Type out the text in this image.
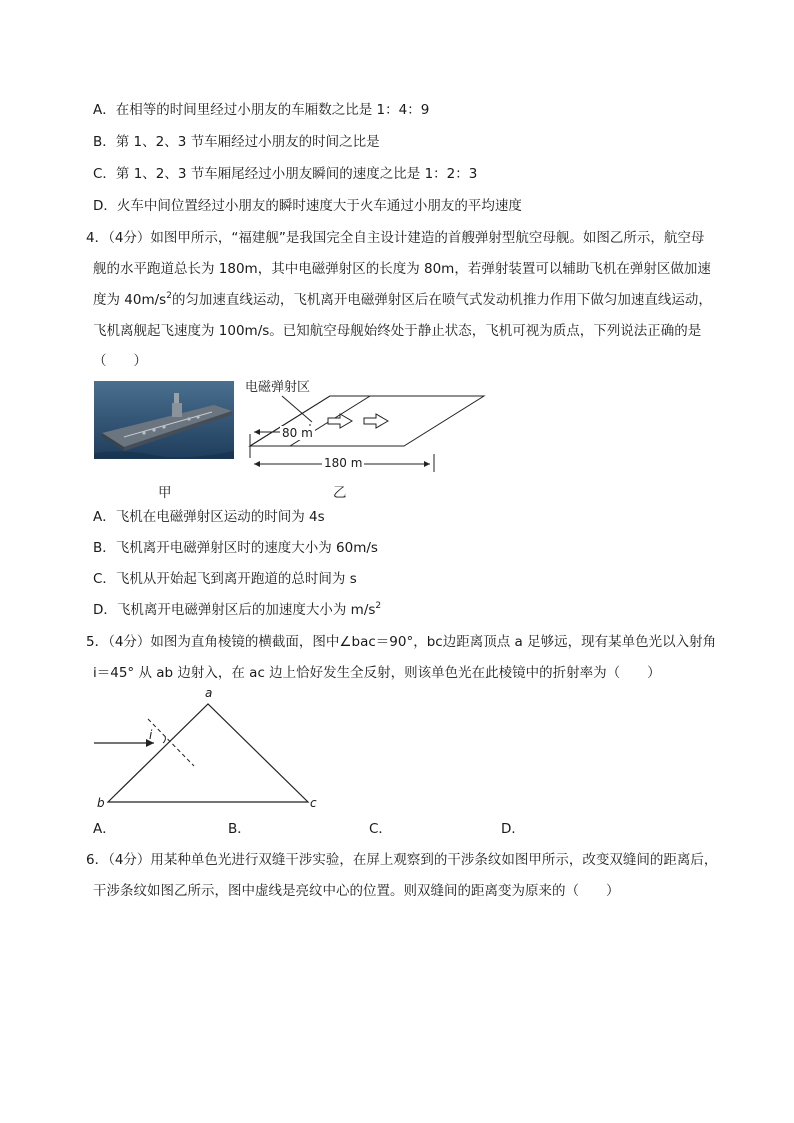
A．在相等的时间里经过小朋友的车厢数之比是 1：4：9
B．第 1、2、3 节车厢经过小朋友的时间之比是
C．第 1、2、3 节车厢尾经过小朋友瞬间的速度之比是 1：2：3
D．火车中间位置经过小朋友的瞬时速度大于火车通过小朋友的平均速度
4．（4分）如图甲所示，“福建舰”是我国完全自主设计建造的首艘弹射型航空母舰。如图乙所示，航空母
舰的水平跑道总长为 180m，其中电磁弹射区的长度为 80m，若弹射装置可以辅助飞机在弹射区做加速
度为 $40m/s^2$的匀加速直线运动，飞机离开电磁弹射区后在喷气式发动机推力作用下做匀加速直线运动，
飞机离舰起飞速度为 100m/s。已知航空母舰始终处于静止状态，飞机可视为质点，下列说法正确的是
（　　）
电磁弹射区
80 m
180 m
甲	乙
A．飞机在电磁弹射区运动的时间为 4s
B．飞机离开电磁弹射区时的速度大小为 60m/s
C．飞机从开始起飞到离开跑道的总时间为 s
D．飞机离开电磁弹射区后的加速度大小为 $m/s^2$
5．（4分）如图为直角棱镜的横截面，图中∠bac＝90°，bc边距离顶点 a 足够远，现有某单色光以入射角
i＝45° 从 ab 边射入，在 ac 边上恰好发生全反射，则该单色光在此棱镜中的折射率为（　　）
a
b	c
i
A．	B．	C．	D．
6．（4分）用某种单色光进行双缝干涉实验，在屏上观察到的干涉条纹如图甲所示，改变双缝间的距离后，
干涉条纹如图乙所示，图中虚线是亮纹中心的位置。则双缝间的距离变为原来的（　　）
